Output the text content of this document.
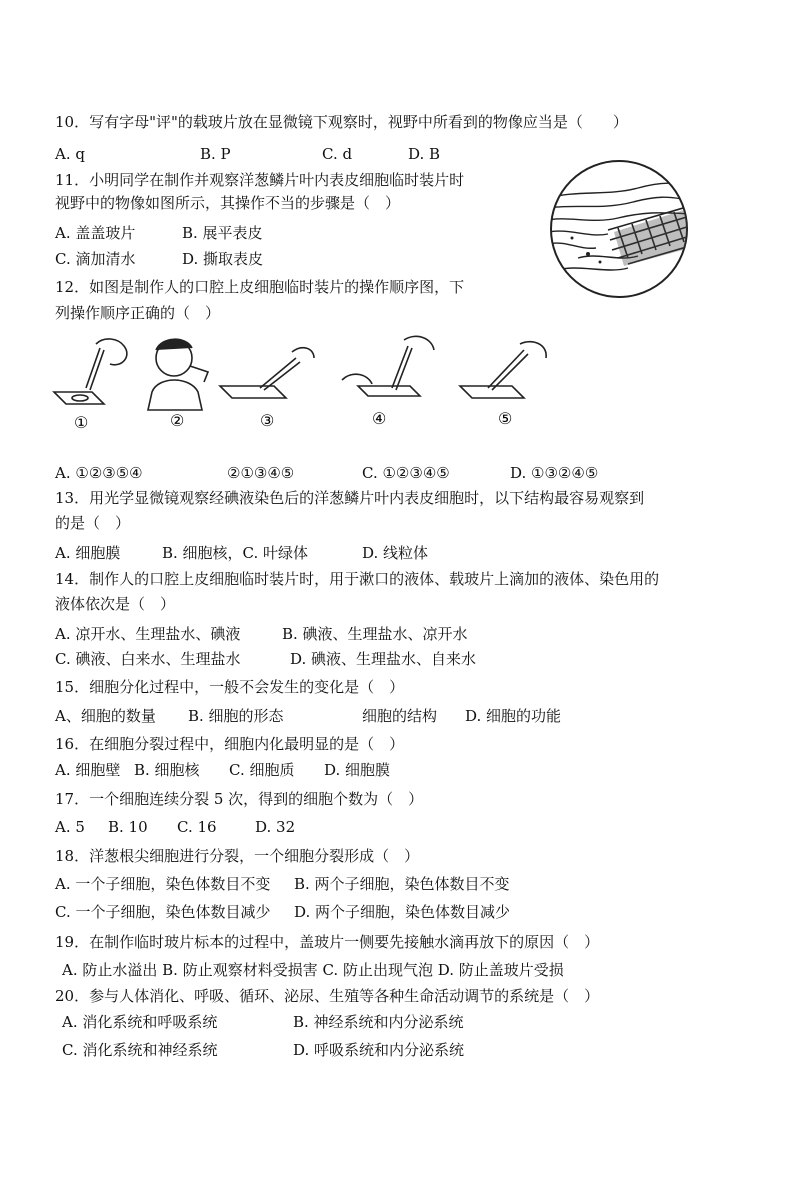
10．写有字母"评"的载玻片放在显微镜下观察时，视野中所看到的物像应当是（　　）
A. q	B. P	C. d	D. B
11．小明同学在制作并观察洋葱鳞片叶内表皮细胞临时装片时
视野中的物像如图所示，其操作不当的步骤是（　）
A. 盖盖玻片	B. 展平表皮
C. 滴加清水	D. 撕取表皮
12．如图是制作人的口腔上皮细胞临时装片的操作顺序图，下
列操作顺序正确的（　）
①	②	③	④	⑤
A. ①②③⑤④	②①③④⑤	C. ①②③④⑤	D. ①③②④⑤
13．用光学显微镜观察经碘液染色后的洋葱鳞片叶内表皮细胞时，以下结构最容易观察到
的是（　）
A. 细胞膜	B. 细胞核，C. 叶绿体	D. 线粒体
14．制作人的口腔上皮细胞临时装片时，用于漱口的液体、载玻片上滴加的液体、染色用的
液体依次是（　）
A. 凉开水、生理盐水、碘液	B. 碘液、生理盐水、凉开水
C. 碘液、白来水、生理盐水	D. 碘液、生理盐水、自来水
15．细胞分化过程中，一般不会发生的变化是（　）
A、细胞的数量 B. 细胞的形态	细胞的结构 D. 细胞的功能
16．在细胞分裂过程中，细胞内化最明显的是（　）
A. 细胞壁 B. 细胞核 C. 细胞质 D. 细胞膜
17．一个细胞连续分裂 5 次，得到的细胞个数为（　）
A. 5 B. 10 C. 16	D. 32
18．洋葱根尖细胞进行分裂，一个细胞分裂形成（　）
A. 一个子细胞，染色体数目不变 B. 两个子细胞，染色体数目不变
C. 一个子细胞，染色体数目减少 D. 两个子细胞，染色体数目减少
19．在制作临时玻片标本的过程中，盖玻片一侧要先接触水滴再放下的原因（　）
A. 防止水溢出 B. 防止观察材料受损害 C. 防止出现气泡 D. 防止盖玻片受损
20．参与人体消化、呼吸、循环、泌尿、生殖等各种生命活动调节的系统是（　）
A. 消化系统和呼吸系统	B. 神经系统和内分泌系统
C. 消化系统和神经系统	D. 呼吸系统和内分泌系统
